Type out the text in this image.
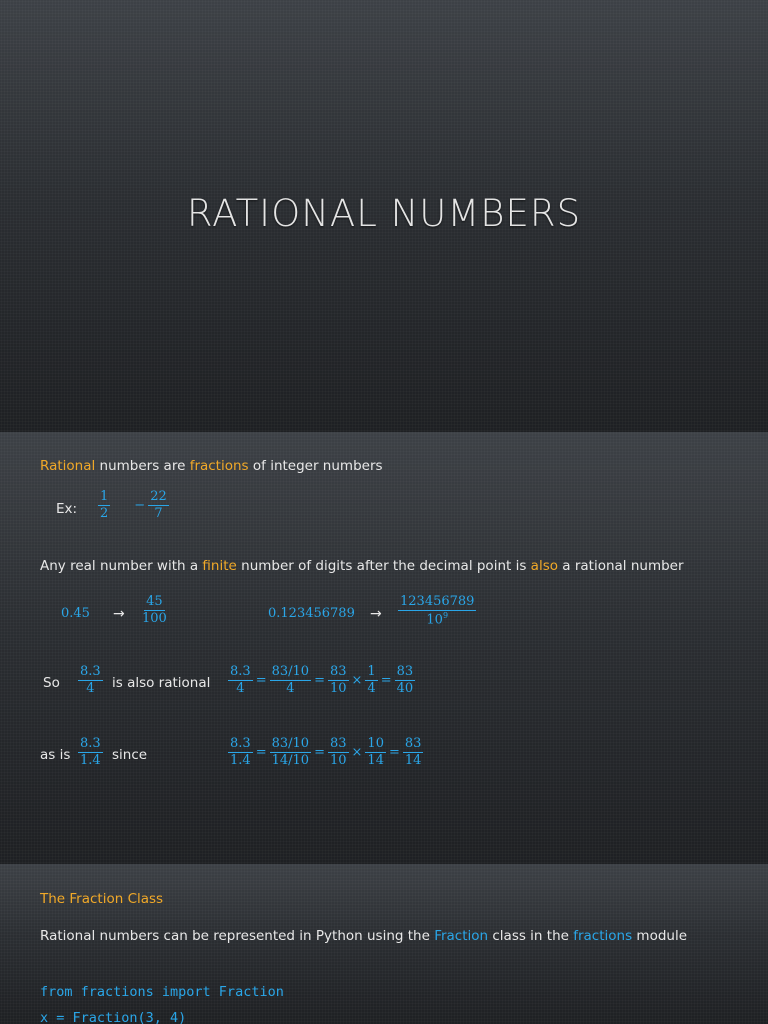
RATIONAL NUMBERS
Rational numbers are fractions of integer numbers
Ex: $\frac{1}{2} - \frac{22}{7}$
Any real number with a finite number of digits after the decimal point is also a rational number
$0.45 \to \frac{45}{100}$	$0.123456789 \to \frac{123456789}{10^9}$
So $\frac{8.3}{4}$ is also rational $\frac{8.3}{4} = \frac{83/10}{4} = \frac{83}{10} \times \frac{1}{4} = \frac{83}{40}$
as is $\frac{8.3}{1.4}$ since	$\frac{8.3}{1.4} = \frac{83/10}{14/10} = \frac{83}{10} \times \frac{10}{14} = \frac{83}{14}$
The Fraction Class
Rational numbers can be represented in Python using the Fraction class in the fractions module
from fractions import Fraction
x = Fraction(3, 4)
